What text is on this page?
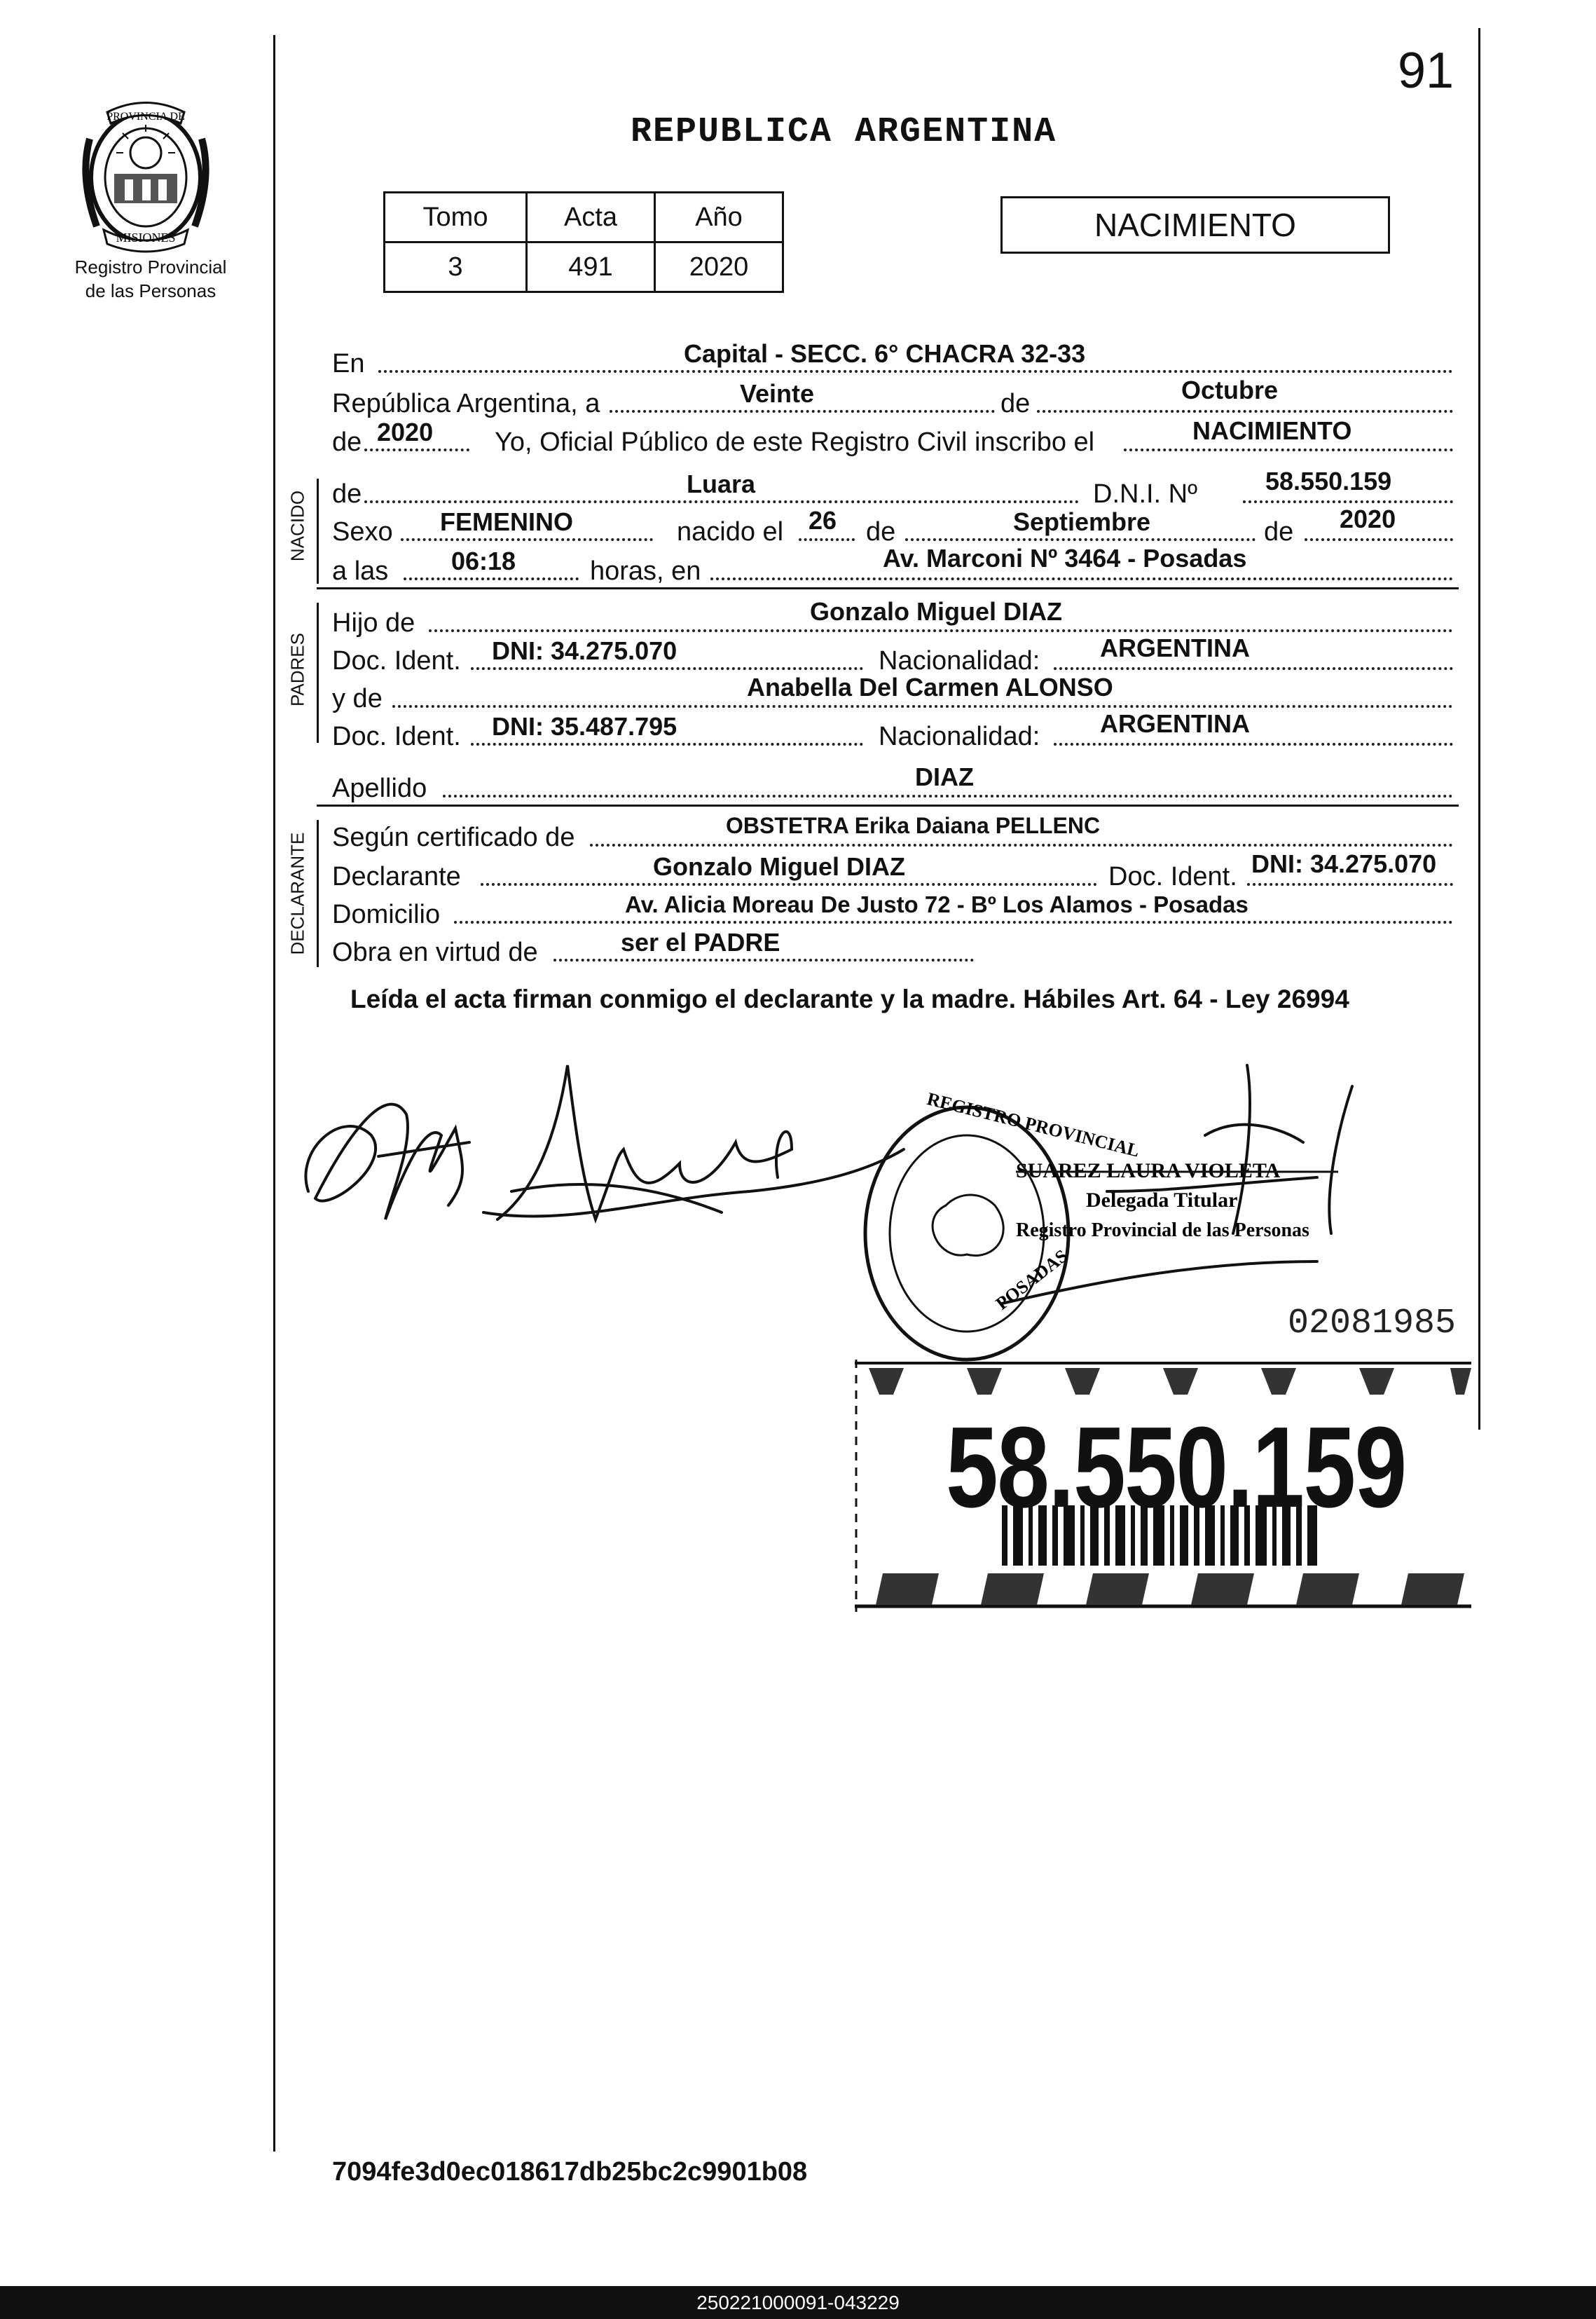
91
PROVINCIA DE
MISIONES
Registro Provincial
de las Personas
REPUBLICA ARGENTINA
Tomo	Acta	Año
3	491	2020
NACIMIENTO
En	Capital - SECC. 6° CHACRA 32-33
República Argentina, a	Veinte	de	Octubre
de 2020 Yo, Oficial Público de este Registro Civil inscribo el	NACIMIENTO
NACIDO de	Luara	D.N.I. Nº	58.550.159
Sexo FEMENINO	nacido el 26 de	Septiembre	de 2020
a las 06:18	horas, en	Av. Marconi Nº 3464 - Posadas
PADRES
Hijo de	Gonzalo Miguel DIAZ
Doc. Ident. DNI: 34.275.070	Nacionalidad: ARGENTINA
y de	Anabella Del Carmen ALONSO
Doc. Ident. DNI: 35.487.795	Nacionalidad: ARGENTINA
Apellido	DIAZ
DECLARANTE Según certificado de	OBSTETRA Erika Daiana PELLENC
Declarante	Gonzalo Miguel DIAZ	Doc. Ident. DNI: 34.275.070
Domicilio	Av. Alicia Moreau De Justo 72 - Bº Los Alamos - Posadas
Obra en virtud de	ser el PADRE
Leída el acta firman conmigo el declarante y la madre. Hábiles Art. 64 - Ley 26994
REGISTRO PROVINCIAL
POSADAS
SUAREZ LAURA VIOLETA
Delegada Titular
Registro Provincial de las Personas
02081985
58.550.159
7094fe3d0ec018617db25bc2c9901b08
250221000091-043229
